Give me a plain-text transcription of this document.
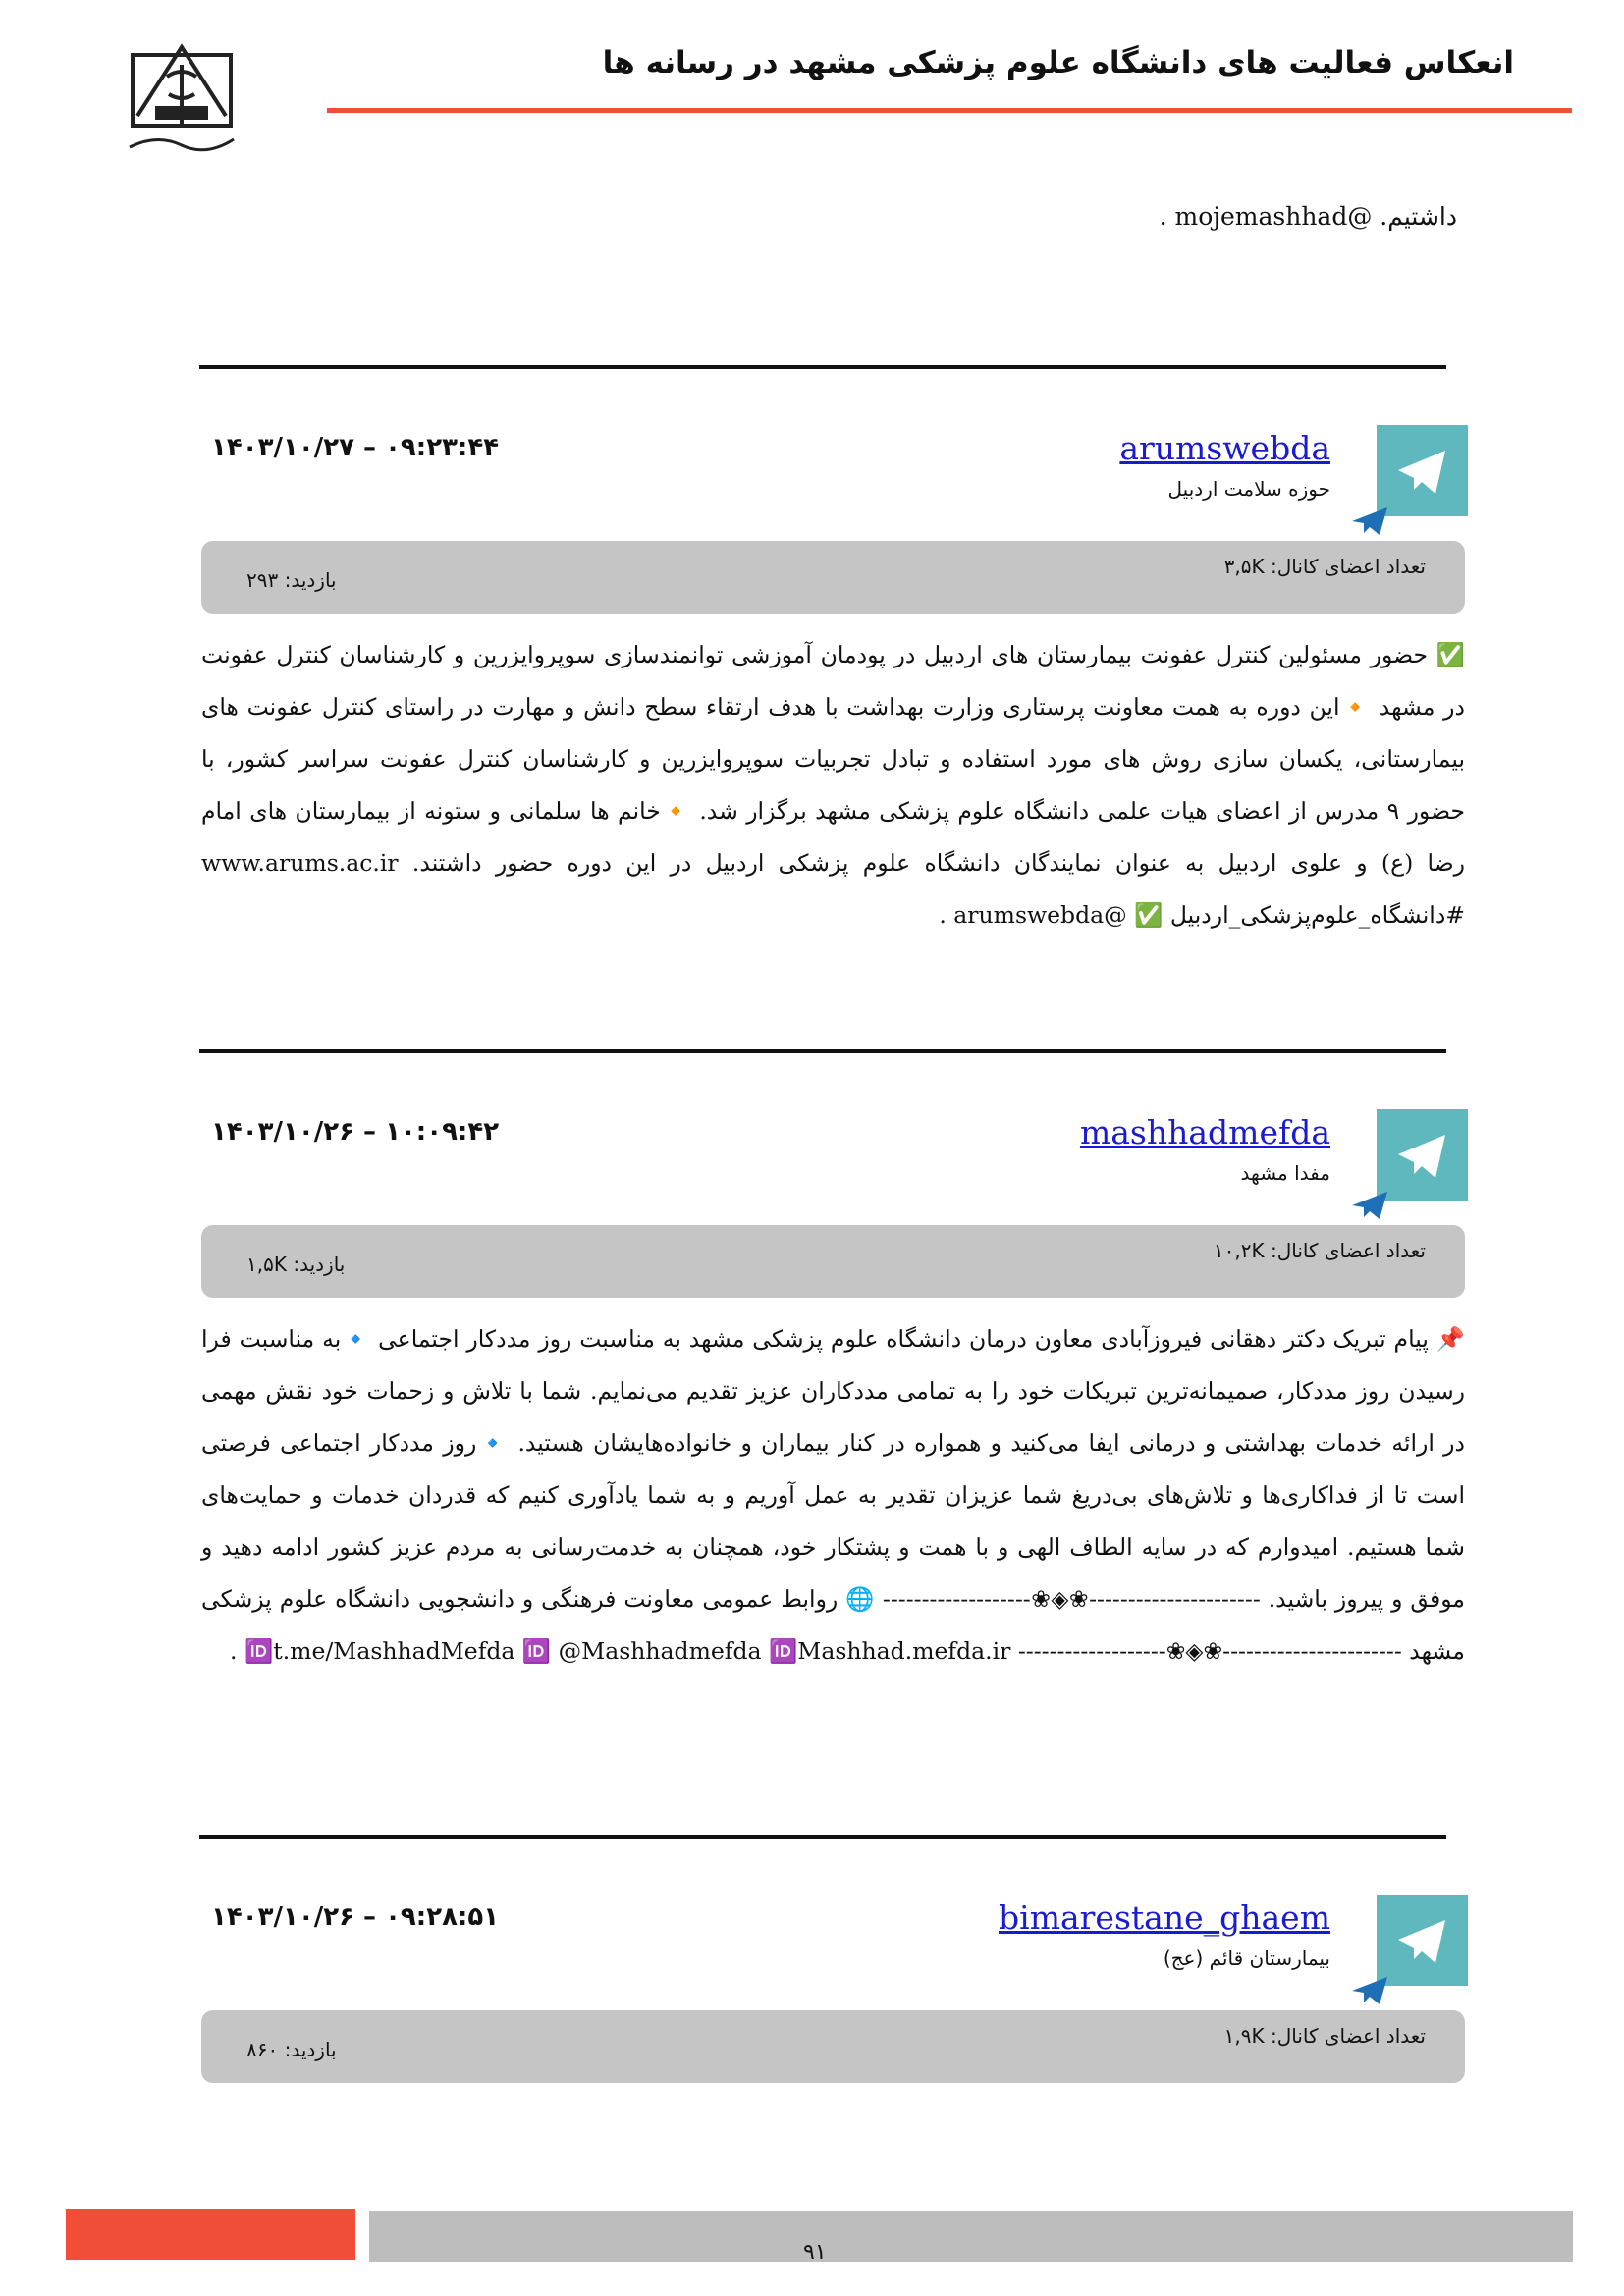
انعکاس فعالیت های دانشگاه علوم پزشکی مشهد در رسانه ها
داشتیم. @mojemashhad .
arumswebda
حوزه سلامت اردبیل
۰۹:۲۳:۴۴ – ۱۴۰۳/۱۰/۲۷
تعداد اعضای کانال: ۳,۵K
بازدید: ۲۹۳
✅ حضور مسئولین کنترل عفونت بیمارستان های اردبیل در پودمان آموزشی توانمندسازی سوپروایزرین و کارشناسان کنترل عفونت در مشهد 🔸این دوره به همت معاونت پرستاری وزارت بهداشت با هدف ارتقاء سطح دانش و مهارت در راستای کنترل عفونت های بیمارستانی، یکسان سازی روش های مورد استفاده و تبادل تجربیات سوپروایزرین و کارشناسان کنترل عفونت سراسر کشور، با حضور ۹ مدرس از اعضای هیات علمی دانشگاه علوم پزشکی مشهد برگزار شد. 🔸خانم ها سلمانی و ستونه از بیمارستان های امام رضا (ع) و علوی اردبیل به عنوان نمایندگان دانشگاه علوم پزشکی اردبیل در این دوره حضور داشتند. www.arums.ac.ir #دانشگاه_علوم‌پزشکی_اردبیل ✅ @arumswebda .
mashhadmefda
مفدا مشهد
۱۰:۰۹:۴۲ – ۱۴۰۳/۱۰/۲۶
تعداد اعضای کانال: ۱۰,۲K
بازدید: ۱,۵K
📌 پیام تبریک دکتر دهقانی فیروزآبادی معاون درمان دانشگاه علوم پزشکی مشهد به مناسبت روز مددکار اجتماعی 🔹به مناسبت فرا رسیدن روز مددکار، صمیمانه‌ترین تبریکات خود را به تمامی مددکاران عزیز تقدیم می‌نمایم. شما با تلاش و زحمات خود نقش مهمی در ارائه خدمات بهداشتی و درمانی ایفا می‌کنید و همواره در کنار بیماران و خانواده‌هایشان هستید. 🔹روز مددکار اجتماعی فرصتی است تا از فداکاری‌ها و تلاش‌های بی‌دریغ شما عزیزان تقدیر به عمل آوریم و به شما یادآوری کنیم که قدردان خدمات و حمایت‌های شما هستیم. امیدوارم که در سایه الطاف الهی و با همت و پشتکار خود، همچنان به خدمت‌رسانی به مردم عزیز کشور ادامه دهید و موفق و پیروز باشید. ‐‐‐‐‐‐‐‐‐‐‐‐‐‐‐‐‐‐‐‐‐‐❀◈❀‐‐‐‐‐‐‐‐‐‐‐‐‐‐‐‐‐‐‐ 🌐 روابط عمومی معاونت فرهنگی و دانشجویی دانشگاه علوم پزشکی مشهد ‐‐‐‐‐‐‐‐‐‐‐‐‐‐‐‐‐‐‐‐‐‐‐❀◈❀‐‐‐‐‐‐‐‐‐‐‐‐‐‐‐‐‐‐‐ 🆔t.me/MashhadMefda 🆔 @Mashhadmefda 🆔Mashhad.mefda.ir .
bimarestane_ghaem
بیمارستان قائم (عج)
۰۹:۲۸:۵۱ – ۱۴۰۳/۱۰/۲۶
تعداد اعضای کانال: ۱,۹K
بازدید: ۸۶۰
۹۱
